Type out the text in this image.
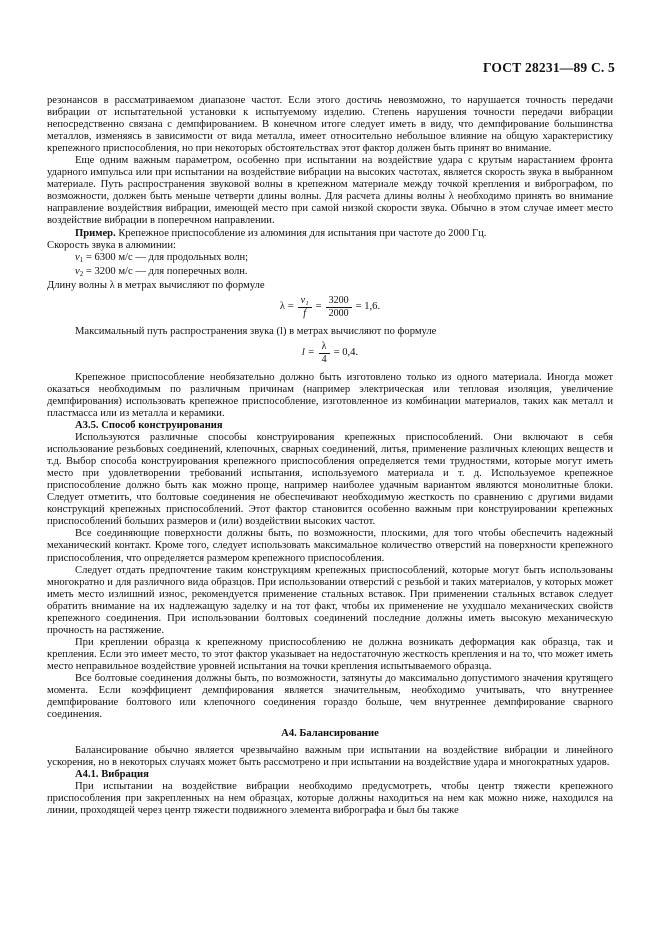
ГОСТ 28231—89 С. 5

резонансов в рассматриваемом диапазоне частот. Если этого достичь невозможно, то нарушается точность передачи вибрации от испытательной установки к испытуемому изделию. Степень нарушения точности передачи вибрации непосредственно связана с демпфированием. В конечном итоге следует иметь в виду, что демпфирование большинства металлов, изменяясь в зависимости от вида металла, имеет относительно небольшое влияние на общую характеристику крепежного приспособления, но при некоторых обстоятельствах этот фактор должен быть принят во внимание.

Еще одним важным параметром, особенно при испытании на воздействие удара с крутым нарастанием фронта ударного импульса или при испытании на воздействие вибрации на высоких частотах, является скорость звука в выбранном материале. Путь распространения звуковой волны в крепежном материале между точкой крепления и вибрографом, по возможности, должен быть меньше четверти длины волны. Для расчета длины волны λ необходимо принять во внимание направление воздействия вибрации, имеющей место при самой низкой скорости звука. Обычно в этом случае имеет место воздействие вибрации в поперечном направлении.

Пример. Крепежное приспособление из алюминия для испытания при частоте до 2000 Гц.

Скорость звука в алюминии:

$v_1 = 6300$ м/с — для продольных волн;

$v_2 = 3200$ м/с — для поперечных волн.

Длину волны λ в метрах вычисляют по формуле

$\lambda = \frac{\text{v₁}}{f} = \frac{3200}{2000} = 1,6$.

Максимальный путь распространения звука (l) в метрах вычисляют по формуле

$l = \frac{\lambda}{4} = 0,4$.

Крепежное приспособление необязательно должно быть изготовлено только из одного материала. Иногда может оказаться необходимым по различным причинам (например электрическая или тепловая изоляция, увеличение демпфирования) использовать крепежное приспособление, изготовленное из комбинации материалов, таких как металл и пластмасса или из металла и керамики.

А3.5. Способ конструирования

Используются различные способы конструирования крепежных приспособлений. Они включают в себя использование резьбовых соединений, клепочных, сварных соединений, литья, применение различных клеющих веществ и т.д. Выбор способа конструирования крепежного приспособления определяется теми трудностями, которые могут иметь место при удовлетворении требований испытания, используемого материала и т. д. Используемое крепежное приспособление должно быть как можно проще, например наиболее удачным вариантом являются монолитные блоки. Следует отметить, что болтовые соединения не обеспечивают необходимую жесткость по сравнению с другими видами конструкций крепежных приспособлений. Этот фактор становится особенно важным при конструировании крепежных приспособлений больших размеров и (или) воздействии высоких частот.

Все соединяющие поверхности должны быть, по возможности, плоскими, для того чтобы обеспечить надежный механический контакт. Кроме того, следует использовать максимальное количество отверстий на поверхности крепежного приспособления, что определяется размером крепежного приспособления.

Следует отдать предпочтение таким конструкциям крепежных приспособлений, которые могут быть использованы многократно и для различного вида образцов. При использовании отверстий с резьбой и таких материалов, у которых может иметь место излишний износ, рекомендуется применение стальных вставок. При применении стальных вставок следует обратить внимание на их надлежащую заделку и на тот факт, чтобы их применение не ухудшало механических свойств крепежного соединения. При использовании болтовых соединений последние должны иметь высокую механическую прочность на растяжение.

При креплении образца к крепежному приспособлению не должна возникать деформация как образца, так и крепления. Если это имеет место, то этот фактор указывает на недостаточную жесткость крепления и на то, что может иметь место неправильное воздействие уровней испытания на точки крепления испытываемого образца.

Все болтовые соединения должны быть, по возможности, затянуты до максимально допустимого значения крутящего момента. Если коэффициент демпфирования является значительным, необходимо учитывать, что внутреннее демпфирование болтового или клепочного соединения гораздо больше, чем внутреннее демпфирование сварного соединения.

А4. Балансирование

Балансирование обычно является чрезвычайно важным при испытании на воздействие вибрации и линейного ускорения, но в некоторых случаях может быть рассмотрено и при испытании на воздействие удара и многократных ударов.

А4.1. Вибрация

При испытании на воздействие вибрации необходимо предусмотреть, чтобы центр тяжести крепежного приспособления при закрепленных на нем образцах, которые должны находиться на нем как можно ниже, находился на линии, проходящей через центр тяжести подвижного элемента вибрографа и был бы также
